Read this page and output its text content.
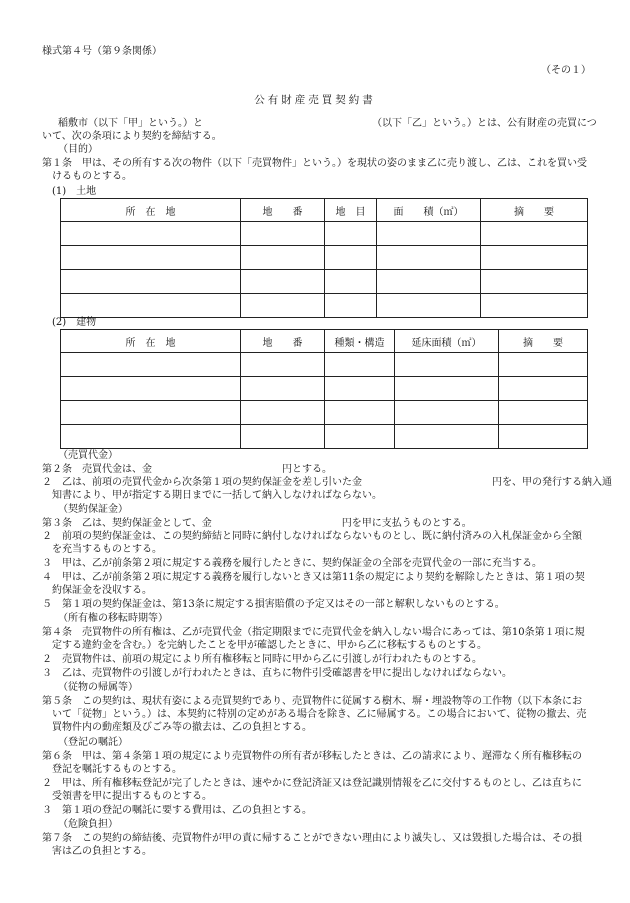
様式第４号（第９条関係）
（その１）
公有財産売買契約書
稲敷市（以下「甲」という。）と	（以下「乙」という。）とは、公有財産の売買につ
いて、次の条項により契約を締結する。
（目的）
第１条　甲は、その所有する次の物件（以下「売買物件」という。）を現状の姿のまま乙に売り渡し、乙は、これを買い受
　けるものとする。
(1)　土地
所　在　地	地　　番	地　目	面　　積（㎡）	摘　　要

(2)　建物
所　在　地	地　　番	種類・構造	延床面積（㎡）	摘　　要

（売買代金）
第２条　売買代金は、金　　　　　　　　　　　　　円とする。
２　乙は、前項の売買代金から次条第１項の契約保証金を差し引いた金　　　　　　　　　　　　　円を、甲の発行する納入通
　知書により、甲が指定する期日までに一括して納入しなければならない。
（契約保証金）
第３条　乙は、契約保証金として、金　　　　　　　　　　　　　円を甲に支払うものとする。
２　前項の契約保証金は、この契約締結と同時に納付しなければならないものとし、既に納付済みの入札保証金から全額
　を充当するものとする。
３　甲は、乙が前条第２項に規定する義務を履行したときに、契約保証金の全部を売買代金の一部に充当する。
４　甲は、乙が前条第２項に規定する義務を履行しないとき又は第11条の規定により契約を解除したときは、第１項の契
　約保証金を没収する。
５　第１項の契約保証金は、第13条に規定する損害賠償の予定又はその一部と解釈しないものとする。
（所有権の移転時期等）
第４条　売買物件の所有権は、乙が売買代金（指定期限までに売買代金を納入しない場合にあっては、第10条第１項に規
　定する違約金を含む。）を完納したことを甲が確認したときに、甲から乙に移転するものとする。
２　売買物件は、前項の規定により所有権移転と同時に甲から乙に引渡しが行われたものとする。
３　乙は、売買物件の引渡しが行われたときは、直ちに物件引受確認書を甲に提出しなければならない。
（従物の帰属等）
第５条　この契約は、現状有姿による売買契約であり、売買物件に従属する樹木、塀・埋設物等の工作物（以下本条にお
　いて「従物」という。）は、本契約に特別の定めがある場合を除き、乙に帰属する。この場合において、従物の撤去、売
　買物件内の動産類及びごみ等の撤去は、乙の負担とする。
（登記の嘱託）
第６条　甲は、第４条第１項の規定により売買物件の所有者が移転したときは、乙の請求により、遅滞なく所有権移転の
　登記を嘱託するものとする。
２　甲は、所有権移転登記が完了したときは、速やかに登記済証又は登記識別情報を乙に交付するものとし、乙は直ちに
　受領書を甲に提出するものとする。
３　第１項の登記の嘱託に要する費用は、乙の負担とする。
（危険負担）
第７条　この契約の締結後、売買物件が甲の責に帰することができない理由により滅失し、又は毀損した場合は、その損
　害は乙の負担とする。
